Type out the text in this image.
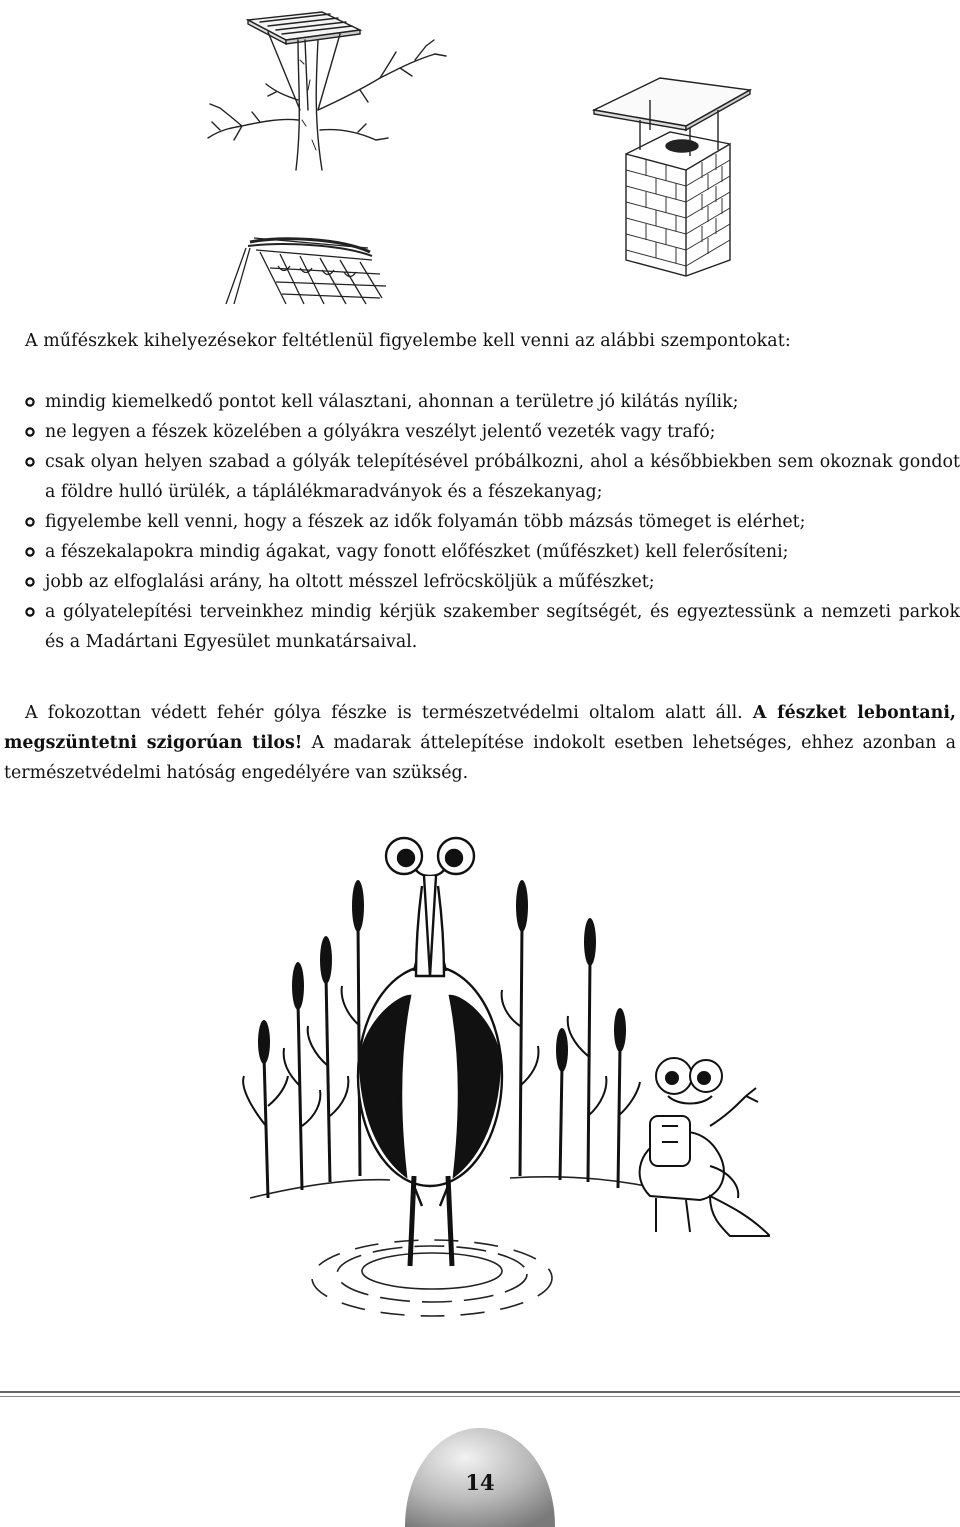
A műfészkek kihelyezésekor feltétlenül figyelembe kell venni az alábbi szempontokat:
mindig kiemelkedő pontot kell választani, ahonnan a területre jó kilátás nyílik;
ne legyen a fészek közelében a gólyákra veszélyt jelentő vezeték vagy trafó;
csak olyan helyen szabad a gólyák telepítésével próbálkozni, ahol a későbbiekben sem okoznak gondot a földre hulló ürülék, a táplálékmaradványok és a fészekanyag;
figyelembe kell venni, hogy a fészek az idők folyamán több mázsás tömeget is elérhet;
a fészekalapokra mindig ágakat, vagy fonott előfészket (műfészket) kell felerősíteni;
jobb az elfoglalási arány, ha oltott mésszel lefröcsköljük a műfészket;
a gólyatelepítési terveinkhez mindig kérjük szakember segítségét, és egyeztessünk a nemzeti parkok és a Madártani Egyesület munkatársaival.
A fokozottan védett fehér gólya fészke is természetvédelmi oltalom alatt áll. A fészket lebontani, megszüntetni szigorúan tilos! A madarak áttelepítése indokolt esetben lehetséges, ehhez azonban a természetvédelmi hatóság engedélyére van szükség.
14
